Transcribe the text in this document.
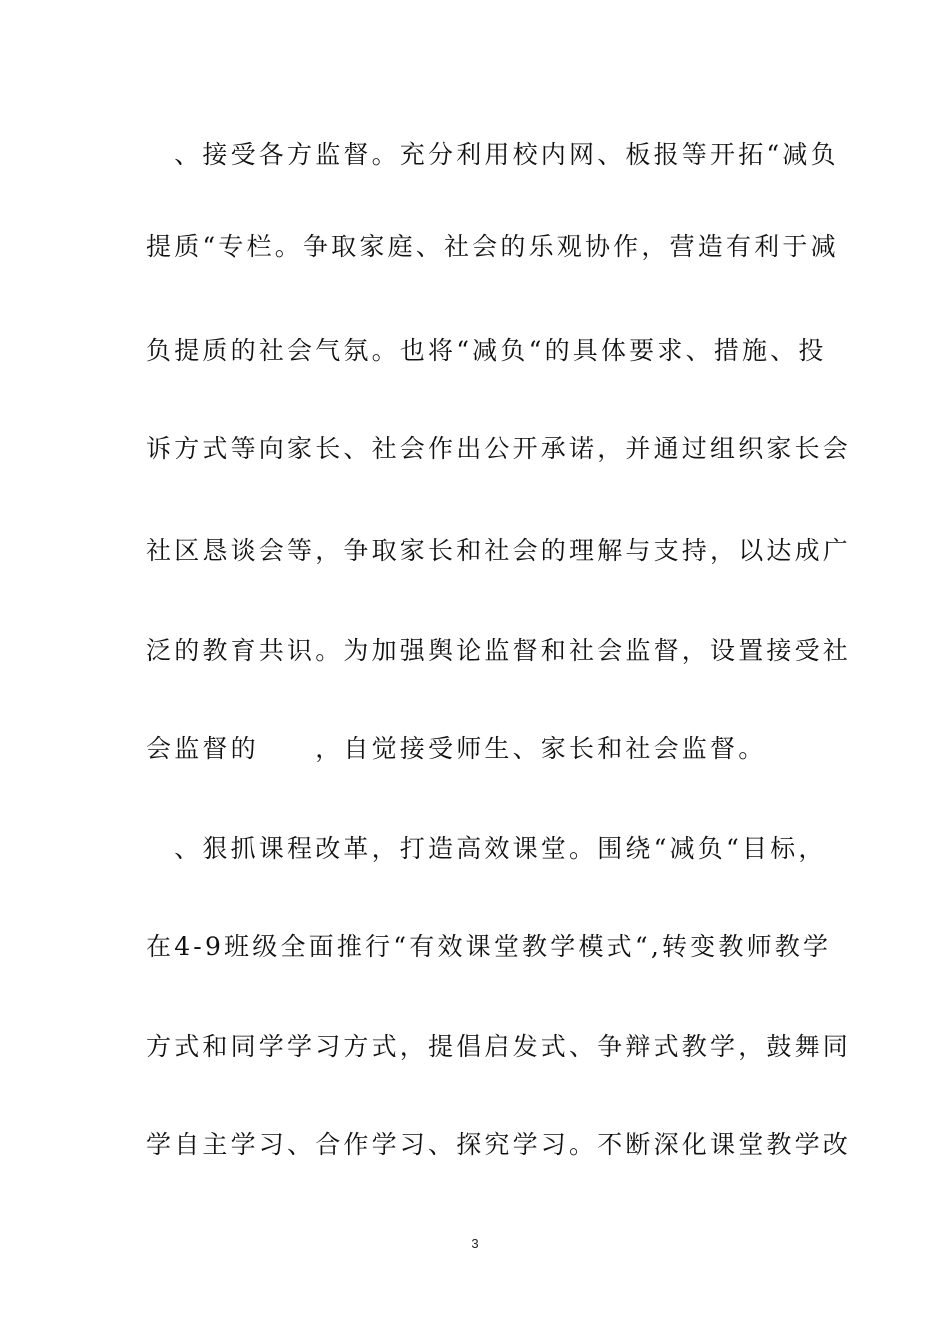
　、接受各方监督。充分利用校内网、板报等开拓“减负
提质“专栏。争取家庭、社会的乐观协作，营造有利于减
负提质的社会气氛。也将“减负“的具体要求、措施、投
诉方式等向家长、社会作出公开承诺，并通过组织家长会
社区恳谈会等，争取家长和社会的理解与支持，以达成广
泛的教育共识。为加强舆论监督和社会监督，设置接受社
会监督的　　，自觉接受师生、家长和社会监督。
　、狠抓课程改革，打造高效课堂。围绕“减负“目标，
在4-9班级全面推行“有效课堂教学模式“,转变教师教学
方式和同学学习方式，提倡启发式、争辩式教学，鼓舞同
学自主学习、合作学习、探究学习。不断深化课堂教学改
3
